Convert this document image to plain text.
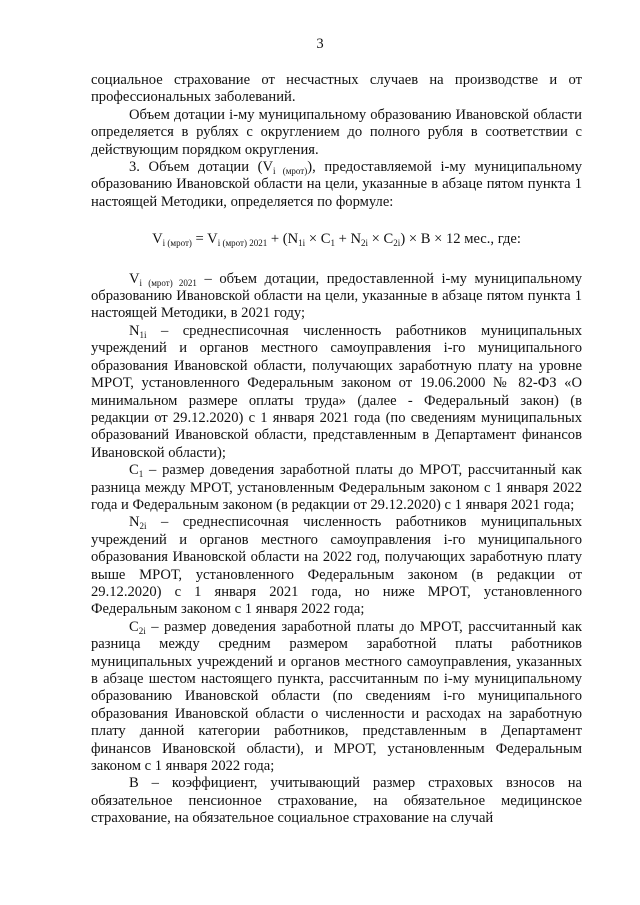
3

социальное страхование от несчастных случаев на производстве и от профессиональных заболеваний.

Объем дотации i-му муниципальному образованию Ивановской области определяется в рублях с округлением до полного рубля в соответствии с действующим порядком округления.

3. Объем дотации $(V_{i (мрот)})$, предоставляемой i-му муниципальному образованию Ивановской области на цели, указанные в абзаце пятом пункта 1 настоящей Методики, определяется по формуле:

$V_{i (мрот)} = V_{i (мрот) 2021} + (N_{1i} \times C_1 + N_{2i} \times C_{2i}) \times B \times 12$ мес., где:

$V_{i (мрот) 2021}$ – объем дотации, предоставленной i-му муниципальному образованию Ивановской области на цели, указанные в абзаце пятом пункта 1 настоящей Методики, в 2021 году;

$N_{1i}$ – среднесписочная численность работников муниципальных учреждений и органов местного самоуправления i-го муниципального образования Ивановской области, получающих заработную плату на уровне МРОТ, установленного Федеральным законом от 19.06.2000 № 82-ФЗ «О минимальном размере оплаты труда» (далее - Федеральный закон) (в редакции от 29.12.2020) с 1 января 2021 года (по сведениям муниципальных образований Ивановской области, представленным в Департамент финансов Ивановской области);

$C_1$ – размер доведения заработной платы до МРОТ, рассчитанный как разница между МРОТ, установленным Федеральным законом с 1 января 2022 года и Федеральным законом (в редакции от 29.12.2020) с 1 января 2021 года;

$N_{2i}$ – среднесписочная численность работников муниципальных учреждений и органов местного самоуправления i-го муниципального образования Ивановской области на 2022 год, получающих заработную плату выше МРОТ, установленного Федеральным законом (в редакции от 29.12.2020) с 1 января 2021 года, но ниже МРОТ, установленного Федеральным законом с 1 января 2022 года;

$C_{2i}$ – размер доведения заработной платы до МРОТ, рассчитанный как разница между средним размером заработной платы работников муниципальных учреждений и органов местного самоуправления, указанных в абзаце шестом настоящего пункта, рассчитанным по i-му муниципальному образованию Ивановской области (по сведениям i-го муниципального образования Ивановской области о численности и расходах на заработную плату данной категории работников, представленным в Департамент финансов Ивановской области), и МРОТ, установленным Федеральным законом с 1 января 2022 года;

B – коэффициент, учитывающий размер страховых взносов на обязательное пенсионное страхование, на обязательное медицинское страхование, на обязательное социальное страхование на случай
